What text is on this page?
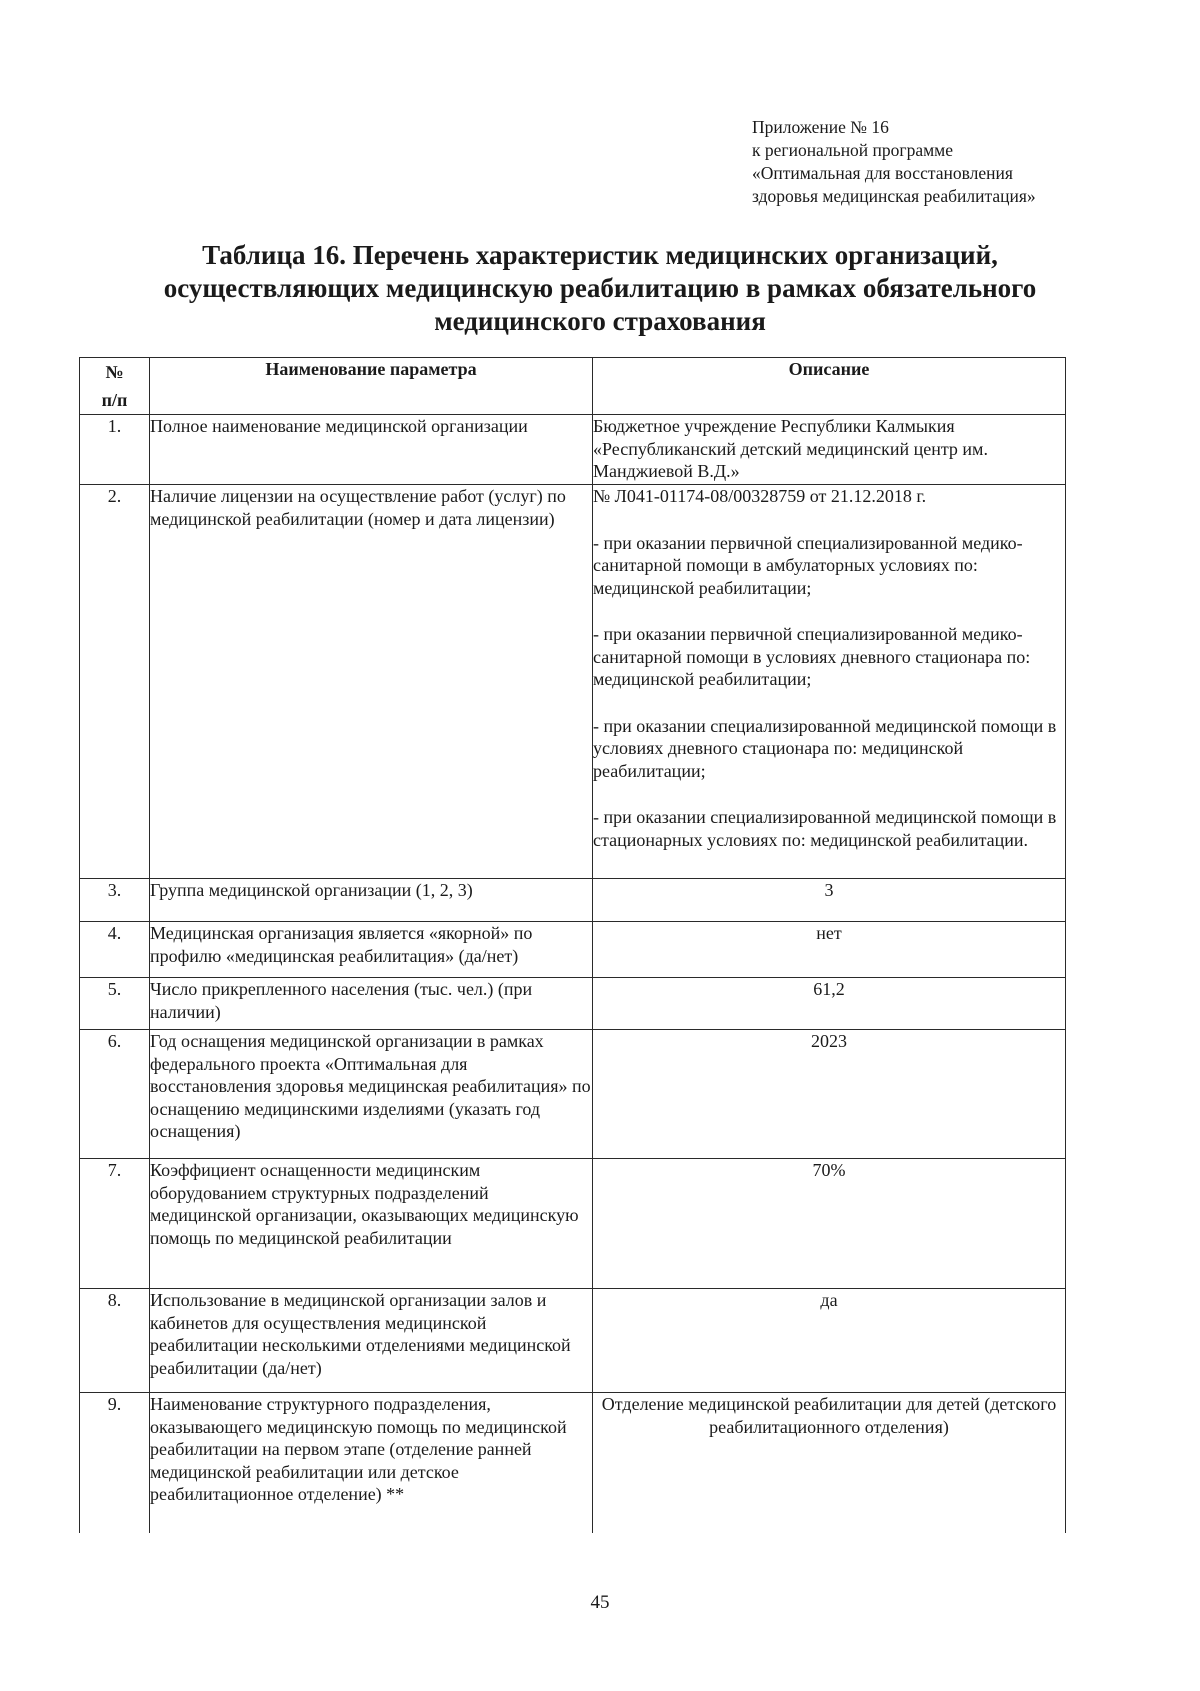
Приложение № 16
к региональной программе
«Оптимальная для восстановления
здоровья медицинская реабилитация»
Таблица 16. Перечень характеристик медицинских организаций,
осуществляющих медицинскую реабилитацию в рамках обязательного
медицинского страхования
№
п/п	Наименование параметра	Описание
1.	Полное наименование медицинской организации	Бюджетное учреждение Республики Калмыкия «Республиканский детский медицинский центр им. Манджиевой В.Д.»
2.	Наличие лицензии на осуществление работ (услуг) по медицинской реабилитации (номер и дата лицензии)	№ Л041-01174-08/00328759 от 21.12.2018 г.

- при оказании первичной специализированной медико-санитарной помощи в амбулаторных условиях по: медицинской реабилитации;

- при оказании первичной специализированной медико-санитарной помощи в условиях дневного стационара по: медицинской реабилитации;

- при оказании специализированной медицинской помощи в условиях дневного стационара по: медицинской реабилитации;

- при оказании специализированной медицинской помощи в стационарных условиях по: медицинской реабилитации.

3.	Группа медицинской организации (1, 2, 3)	3
4.	Медицинская организация является «якорной» по профилю «медицинская реабилитация» (да/нет)	нет
5.	Число прикрепленного населения (тыс. чел.) (при наличии)	61,2
6.	Год оснащения медицинской организации в рамках федерального проекта «Оптимальная для восстановления здоровья медицинская реабилитация» по оснащению медицинскими изделиями (указать год оснащения)	2023
7.	Коэффициент оснащенности медицинским оборудованием структурных подразделений медицинской организации, оказывающих медицинскую помощь по медицинской реабилитации	70%
8.	Использование в медицинской организации залов и кабинетов для осуществления медицинской реабилитации несколькими отделениями медицинской реабилитации (да/нет)	да
9.	Наименование структурного подразделения, оказывающего медицинскую помощь по медицинской реабилитации на первом этапе (отделение ранней медицинской реабилитации или детское реабилитационное отделение) **	Отделение медицинской реабилитации для детей (детского реабилитационного отделения)
45
